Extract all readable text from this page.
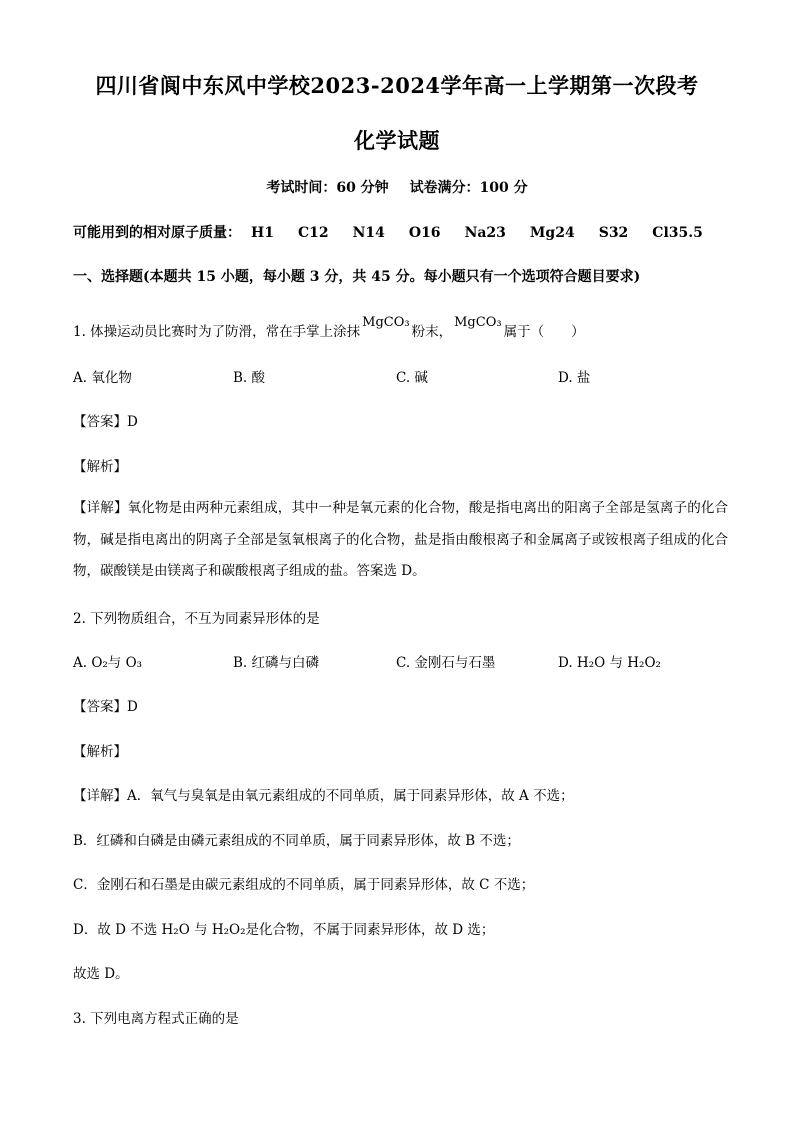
四川省阆中东风中学校2023-2024学年高一上学期第一次段考
化学试题
考试时间：60 分钟 试卷满分：100 分
可能用到的相对原子质量： H1 C12 N14 O16 Na23 Mg24 S32 Cl35.5
一、选择题(本题共 15 小题，每小题 3 分，共 45 分。每小题只有一个选项符合题目要求)
1. 体操运动员比赛时为了防滑，常在手掌上涂抹MgCO₃粉末，MgCO₃属于（　　）
A. 氧化物	B. 酸	C. 碱	D. 盐
【答案】D
【解析】
【详解】氧化物是由两种元素组成，其中一种是氧元素的化合物，酸是指电离出的阳离子全部是氢离子的化合物，碱是指电离出的阴离子全部是氢氧根离子的化合物，盐是指由酸根离子和金属离子或铵根离子组成的化合物，碳酸镁是由镁离子和碳酸根离子组成的盐。答案选 D。
2. 下列物质组合，不互为同素异形体的是
A. O₂与 O₃	B. 红磷与白磷	C. 金刚石与石墨	D. H₂O 与 H₂O₂
【答案】D
【解析】
【详解】A．氧气与臭氧是由氧元素组成的不同单质，属于同素异形体，故 A 不选；
B．红磷和白磷是由磷元素组成的不同单质，属于同素异形体，故 B 不选；
C．金刚石和石墨是由碳元素组成的不同单质，属于同素异形体，故 C 不选；
D．故 D 不选 H₂O 与 H₂O₂是化合物，不属于同素异形体，故 D 选；
故选 D。
3. 下列电离方程式正确的是
